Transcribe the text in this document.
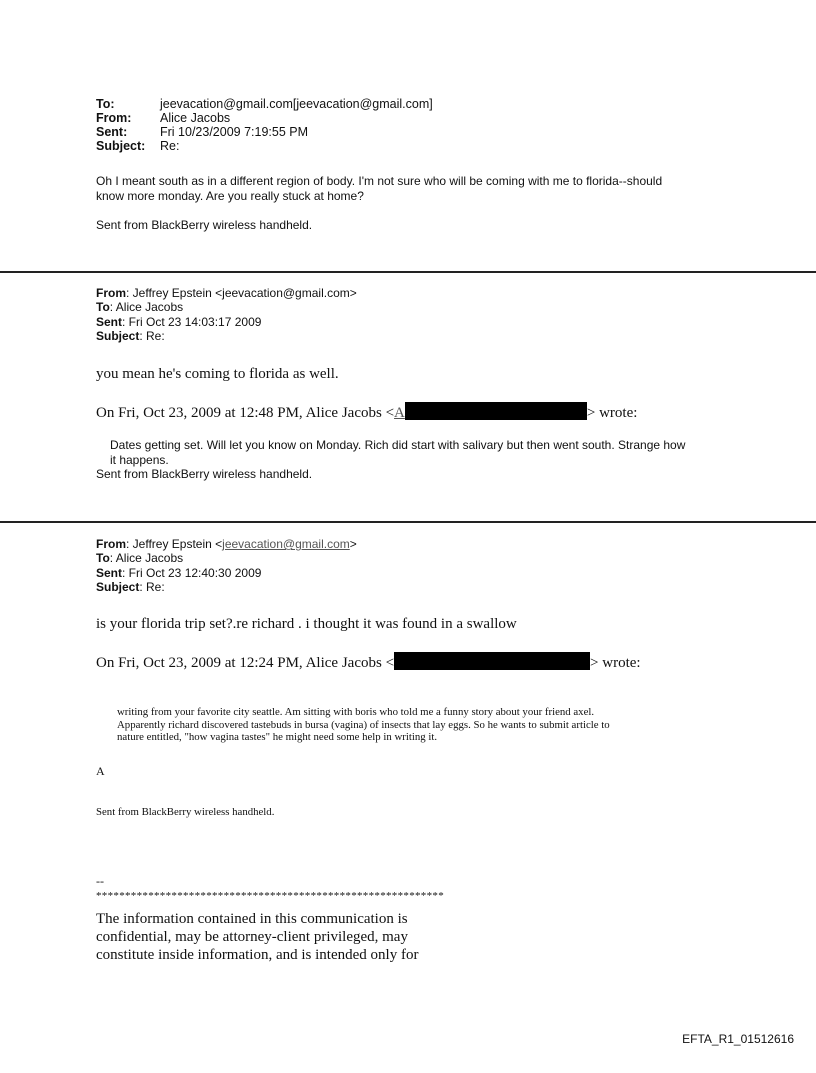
To:	jeevacation@gmail.com[jeevacation@gmail.com]
From:	Alice Jacobs
Sent:	Fri 10/23/2009 7:19:55 PM
Subject:	Re:
Oh I meant south as in a different region of body. I'm not sure who will be coming with me to florida--should
know more monday. Are you really stuck at home?
Sent from BlackBerry wireless handheld.
From: Jeffrey Epstein <jeevacation@gmail.com>
To: Alice Jacobs
Sent: Fri Oct 23 14:03:17 2009
Subject: Re:
you mean he's coming to florida as well.
On Fri, Oct 23, 2009 at 12:48 PM, Alice Jacobs <A	> wrote:
Dates getting set. Will let you know on Monday. Rich did start with salivary but then went south. Strange how
it happens.
Sent from BlackBerry wireless handheld.
From: Jeffrey Epstein <jeevacation@gmail.com>
To: Alice Jacobs
Sent: Fri Oct 23 12:40:30 2009
Subject: Re:
is your florida trip set?.re richard . i thought it was found in a swallow
On Fri, Oct 23, 2009 at 12:24 PM, Alice Jacobs <	> wrote:
writing from your favorite city seattle. Am sitting with boris who told me a funny story about your friend axel.
Apparently richard discovered tastebuds in bursa (vagina) of insects that lay eggs. So he wants to submit article to
nature entitled, "how vagina tastes" he might need some help in writing it.
A
Sent from BlackBerry wireless handheld.
--
************************************************************
The information contained in this communication is
confidential, may be attorney-client privileged, may
constitute inside information, and is intended only for
EFTA_R1_01512616
